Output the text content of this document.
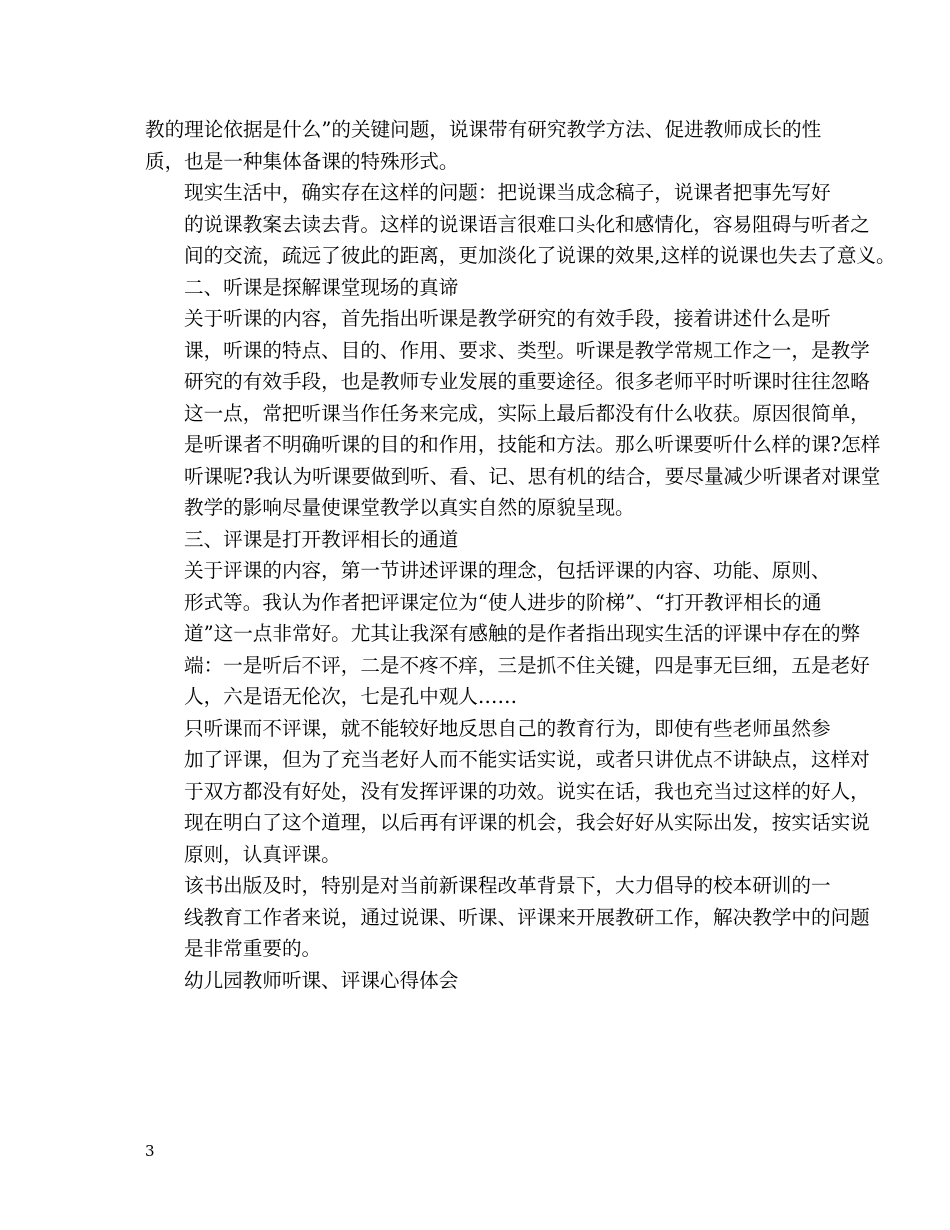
教的理论依据是什么”的关键问题，说课带有研究教学方法、促进教师成长的性
质，也是一种集体备课的特殊形式。

现实生活中，确实存在这样的问题：把说课当成念稿子，说课者把事先写好
的说课教案去读去背。这样的说课语言很难口头化和感情化，容易阻碍与听者之
间的交流，疏远了彼此的距离，更加淡化了说课的效果,这样的说课也失去了意义。

二、听课是探解课堂现场的真谛

关于听课的内容，首先指出听课是教学研究的有效手段，接着讲述什么是听
课，听课的特点、目的、作用、要求、类型。听课是教学常规工作之一，是教学
研究的有效手段，也是教师专业发展的重要途径。很多老师平时听课时往往忽略
这一点，常把听课当作任务来完成，实际上最后都没有什么收获。原因很简单，
是听课者不明确听课的目的和作用，技能和方法。那么听课要听什么样的课?怎样
听课呢?我认为听课要做到听、看、记、思有机的结合，要尽量减少听课者对课堂
教学的影响尽量使课堂教学以真实自然的原貌呈现。

三、评课是打开教评相长的通道

关于评课的内容，第一节讲述评课的理念，包括评课的内容、功能、原则、
形式等。我认为作者把评课定位为“使人进步的阶梯”、“打开教评相长的通
道”这一点非常好。尤其让我深有感触的是作者指出现实生活的评课中存在的弊
端：一是听后不评，二是不疼不痒，三是抓不住关键，四是事无巨细，五是老好
人，六是语无伦次，七是孔中观人……

只听课而不评课，就不能较好地反思自己的教育行为，即使有些老师虽然参
加了评课，但为了充当老好人而不能实话实说，或者只讲优点不讲缺点，这样对
于双方都没有好处，没有发挥评课的功效。说实在话，我也充当过这样的好人，
现在明白了这个道理，以后再有评课的机会，我会好好从实际出发，按实话实说
原则，认真评课。

该书出版及时，特别是对当前新课程改革背景下，大力倡导的校本研训的一
线教育工作者来说，通过说课、听课、评课来开展教研工作，解决教学中的问题
是非常重要的。

幼儿园教师听课、评课心得体会

3
